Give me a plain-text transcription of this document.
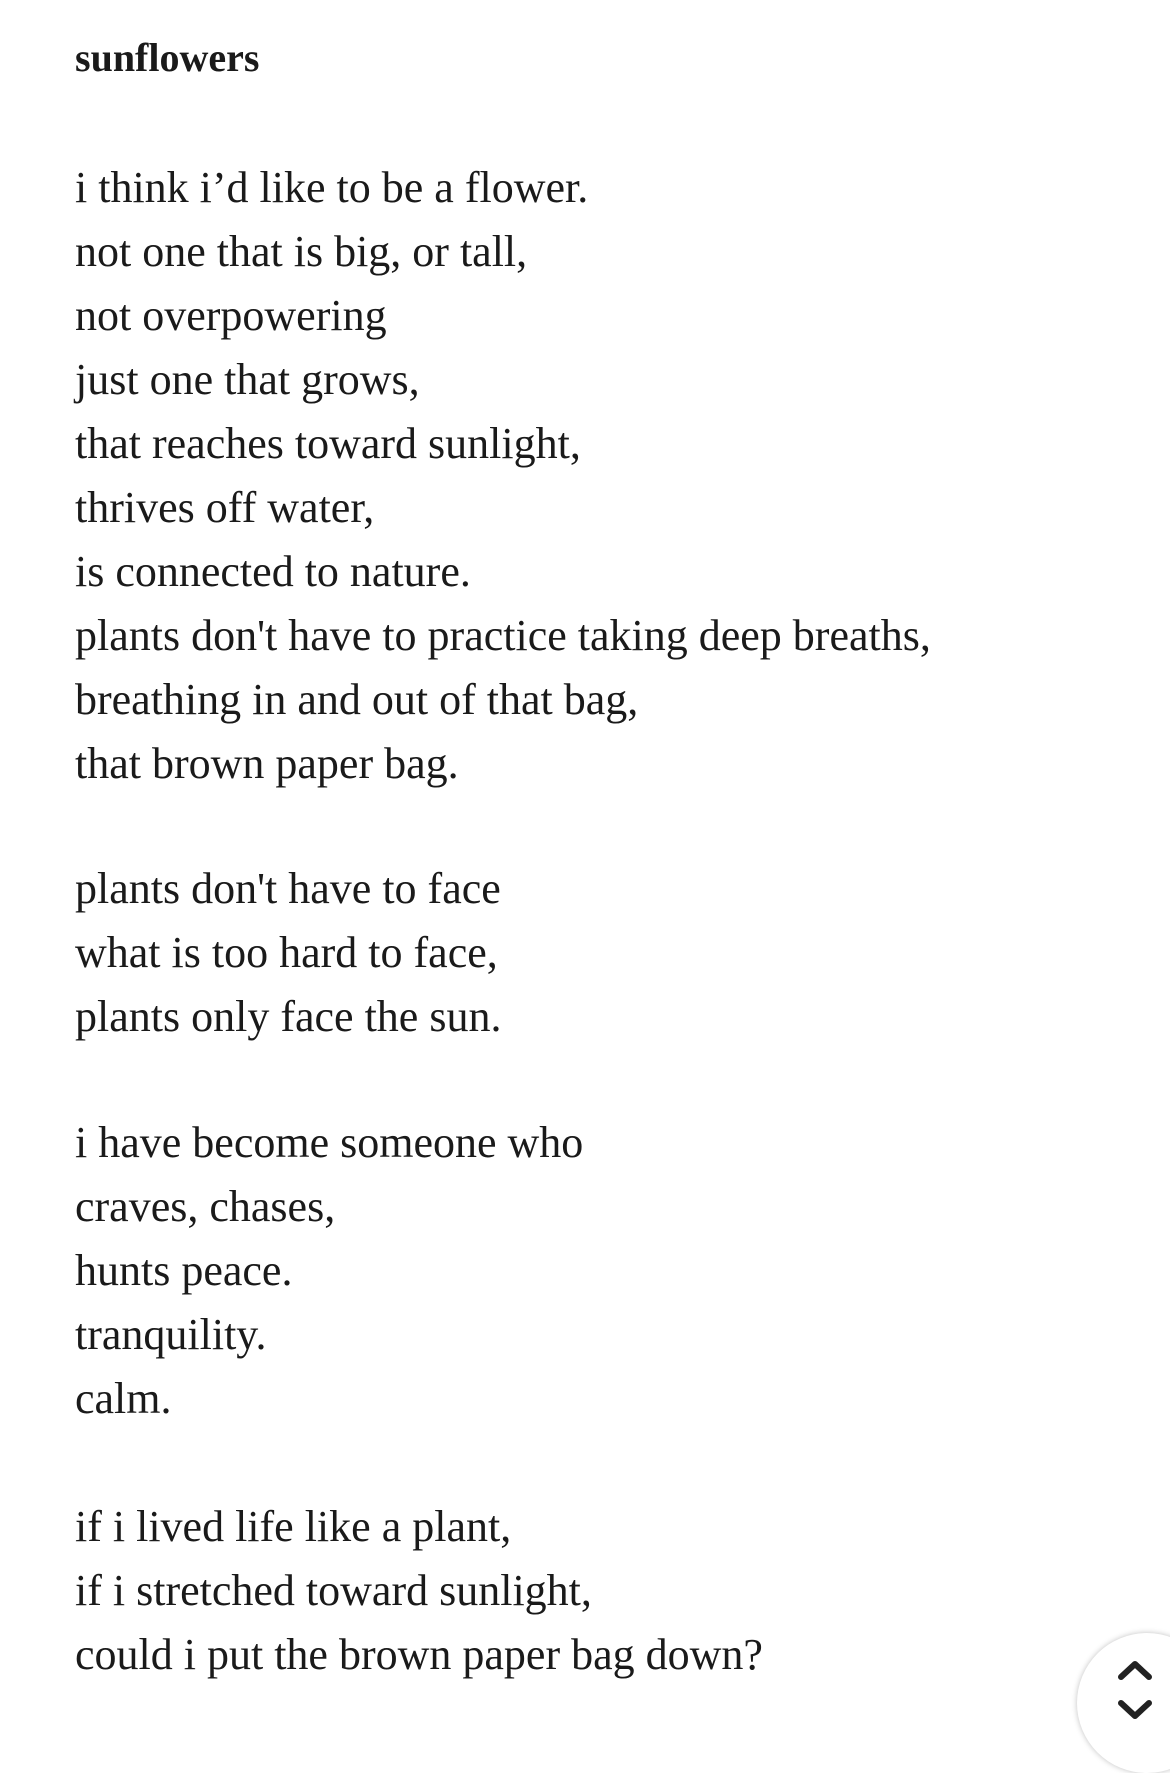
sunflowers
i think i’d like to be a flower.
not one that is big, or tall,
not overpowering
just one that grows,
that reaches toward sunlight,
thrives off water,
is connected to nature.
plants don't have to practice taking deep breaths,
breathing in and out of that bag,
that brown paper bag.
plants don't have to face
what is too hard to face,
plants only face the sun.
i have become someone who
craves, chases,
hunts peace.
tranquility.
calm.
if i lived life like a plant,
if i stretched toward sunlight,
could i put the brown paper bag down?
